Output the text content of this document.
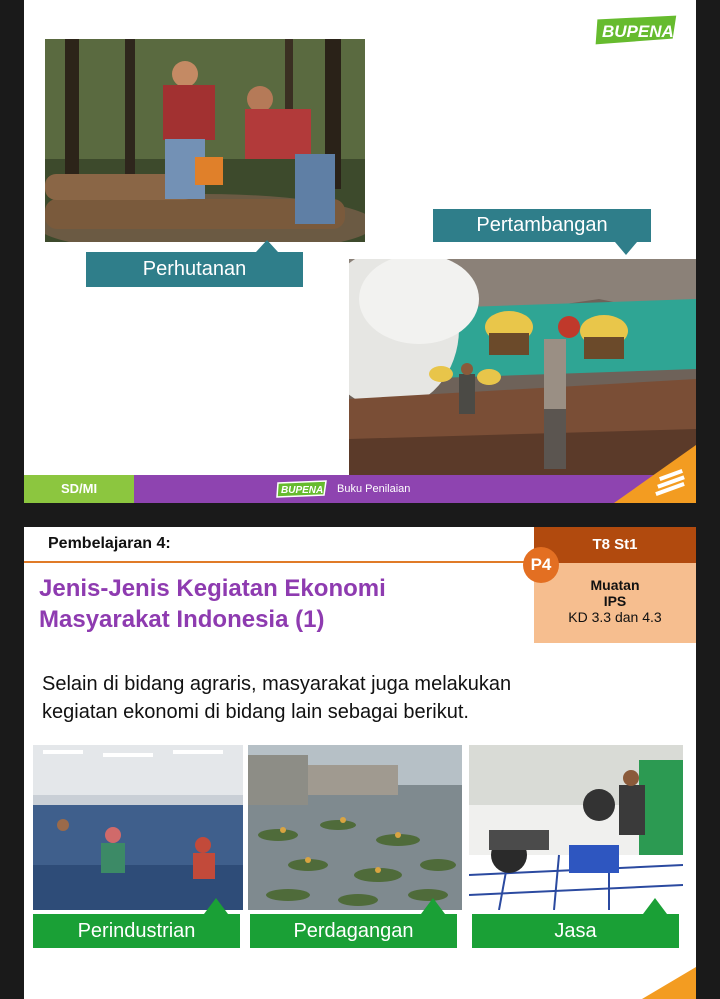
BUPENA
Perhutanan
Pertambangan
SD/MI	BUPENA Buku Penilaian
Pembelajaran 4:	T8 St1
Muatan
IPS
KD 3.3 dan 4.3
P4
Jenis-Jenis Kegiatan Ekonomi
Masyarakat Indonesia (1)
Selain di bidang agraris, masyarakat juga melakukan
kegiatan ekonomi di bidang lain sebagai berikut.
Perindustrian	Perdagangan	Jasa
